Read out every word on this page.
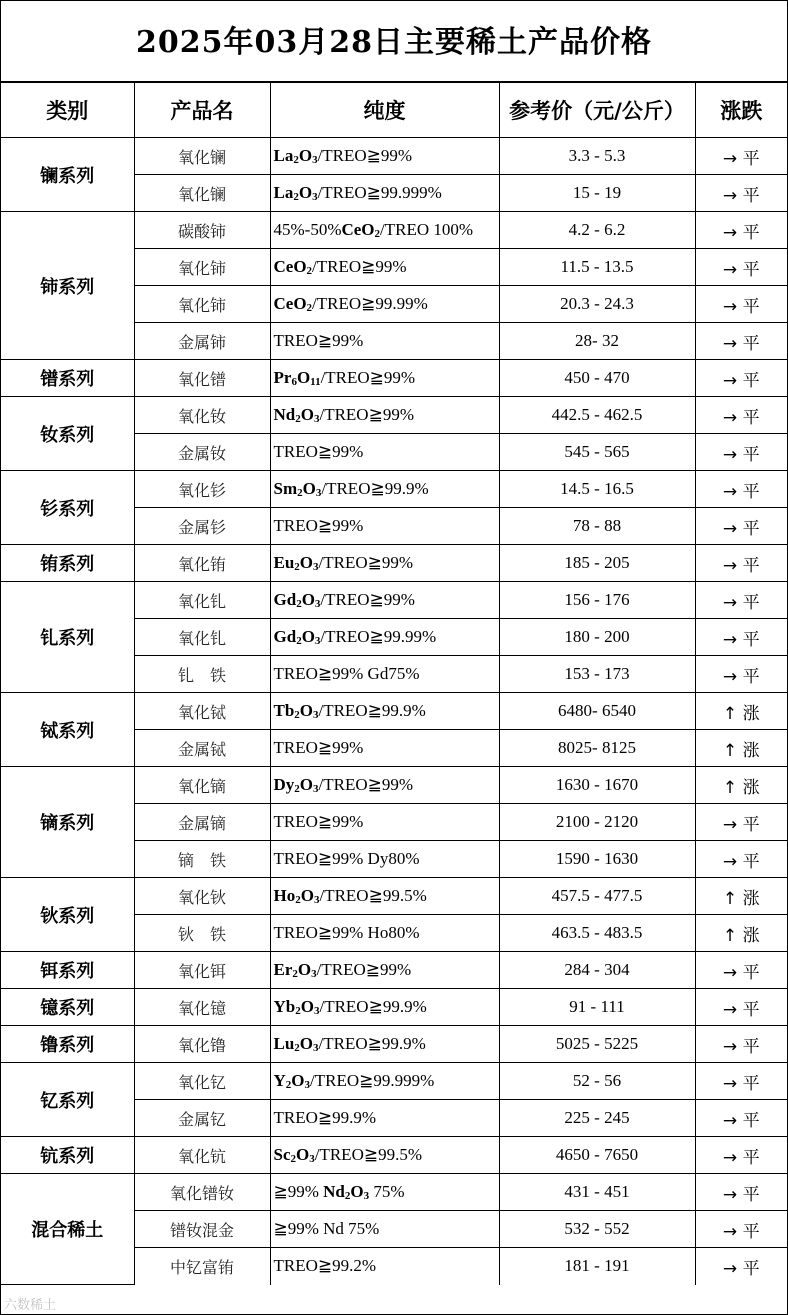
2025年03月28日主要稀土产品价格
类别	产品名	纯度	参考价（元/公斤）	涨跌
镧系列	氧化镧	$La_2O_3/TREO≧99\%$	3.3 - 5.3	→ 平
	氧化镧	$La_2O_3/TREO≧99.999\%$	15 - 19	→ 平
铈系列	碳酸铈	45%-50%CeO$_2$/TREO 100%	4.2 - 6.2	→ 平
	氧化铈	CeO$_2$/TREO≧99%	11.5 - 13.5	→ 平
	氧化铈	CeO$_2$/TREO≧99.99%	20.3 - 24.3	→ 平
	金属铈	TREO≧99%	28- 32	→ 平
镨系列	氧化镨	$Pr_6O_{11}/TREO≧99\%$	450 - 470	→ 平
钕系列	氧化钕	$Nd_2O_3/TREO≧99\%$	442.5 - 462.5	→ 平
	金属钕	TREO≧99%	545 - 565	→ 平
钐系列	氧化钐	$Sm_2O_3/TREO≧99.9\%$	14.5 - 16.5	→ 平
	金属钐	TREO≧99%	78 - 88	→ 平
铕系列	氧化铕	$Eu_2O_3/TREO≧99\%$	185 - 205	→ 平
钆系列	氧化钆	$Gd_2O_3/TREO≧99\%$	156 - 176	→ 平
	氧化钆	$Gd_2O_3/TREO≧99.99\%$	180 - 200	→ 平
	钆　铁	TREO≧99% Gd75%	153 - 173	→ 平
铽系列	氧化铽	$Tb_2O_3/TREO≧99.9\%$	6480- 6540	↑ 涨
	金属铽	TREO≧99%	8025- 8125	↑ 涨
镝系列	氧化镝	$Dy_2O_3/TREO≧99\%$	1630 - 1670	↑ 涨
	金属镝	TREO≧99%	2100 - 2120	→ 平
	镝　铁	TREO≧99% Dy80%	1590 - 1630	→ 平
钬系列	氧化钬	$Ho_2O_3/TREO≧99.5\%$	457.5 - 477.5	↑ 涨
	钬　铁	TREO≧99% Ho80%	463.5 - 483.5	↑ 涨
铒系列	氧化铒	$Er_2O_3/TREO≧99\%$	284 - 304	→ 平
镱系列	氧化镱	$Yb_2O_3/TREO≧99.9\%$	91 - 111	→ 平
镥系列	氧化镥	$Lu_2O_3/TREO≧99.9\%$	5025 - 5225	→ 平
钇系列	氧化钇	$Y_2O_3/TREO≧99.999\%$	52 - 56	→ 平
	金属钇	TREO≧99.9%	225 - 245	→ 平
钪系列	氧化钪	$Sc_2O_3/TREO≧99.5\%$	4650 - 7650	→ 平
混合稀土	氧化镨钕	≧99% $Nd_2O_3$ 75%	431 - 451	→ 平
	镨钕混金	≧99% Nd 75%	532 - 552	→ 平
	中钇富铕	TREO≧99.2%	181 - 191	→ 平
六数稀土
